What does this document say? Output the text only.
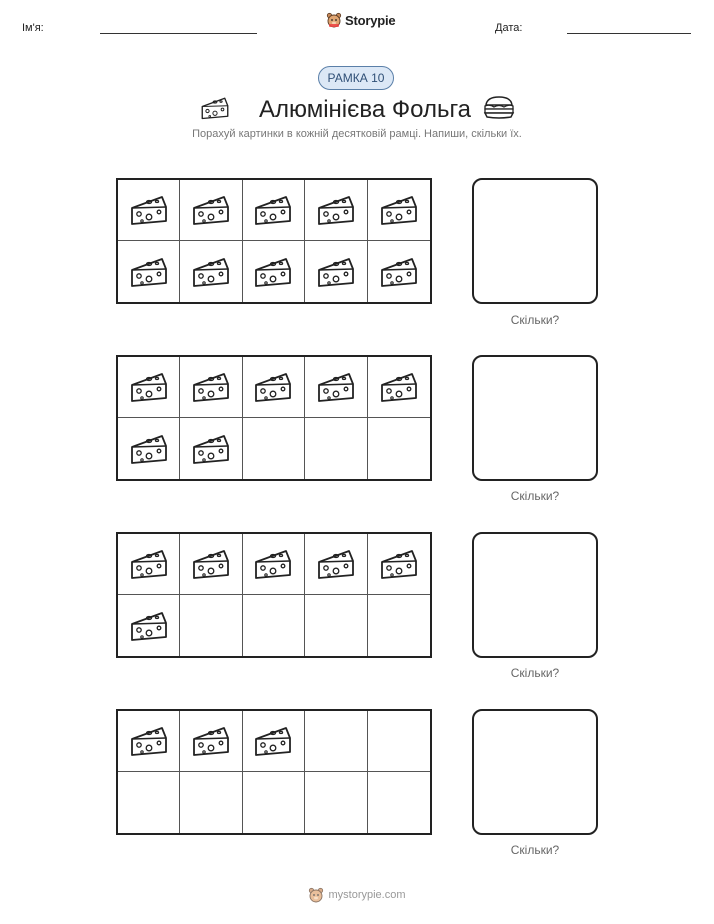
Ім'я:
Storypie
Дата:
РАМКА 10
Алюмінієва Фольга
Порахуй картинки в кожній десятковій рамці. Напиши, скільки їх.
Скільки?
Скільки?
Скільки?
Скільки?
mystorypie.com
